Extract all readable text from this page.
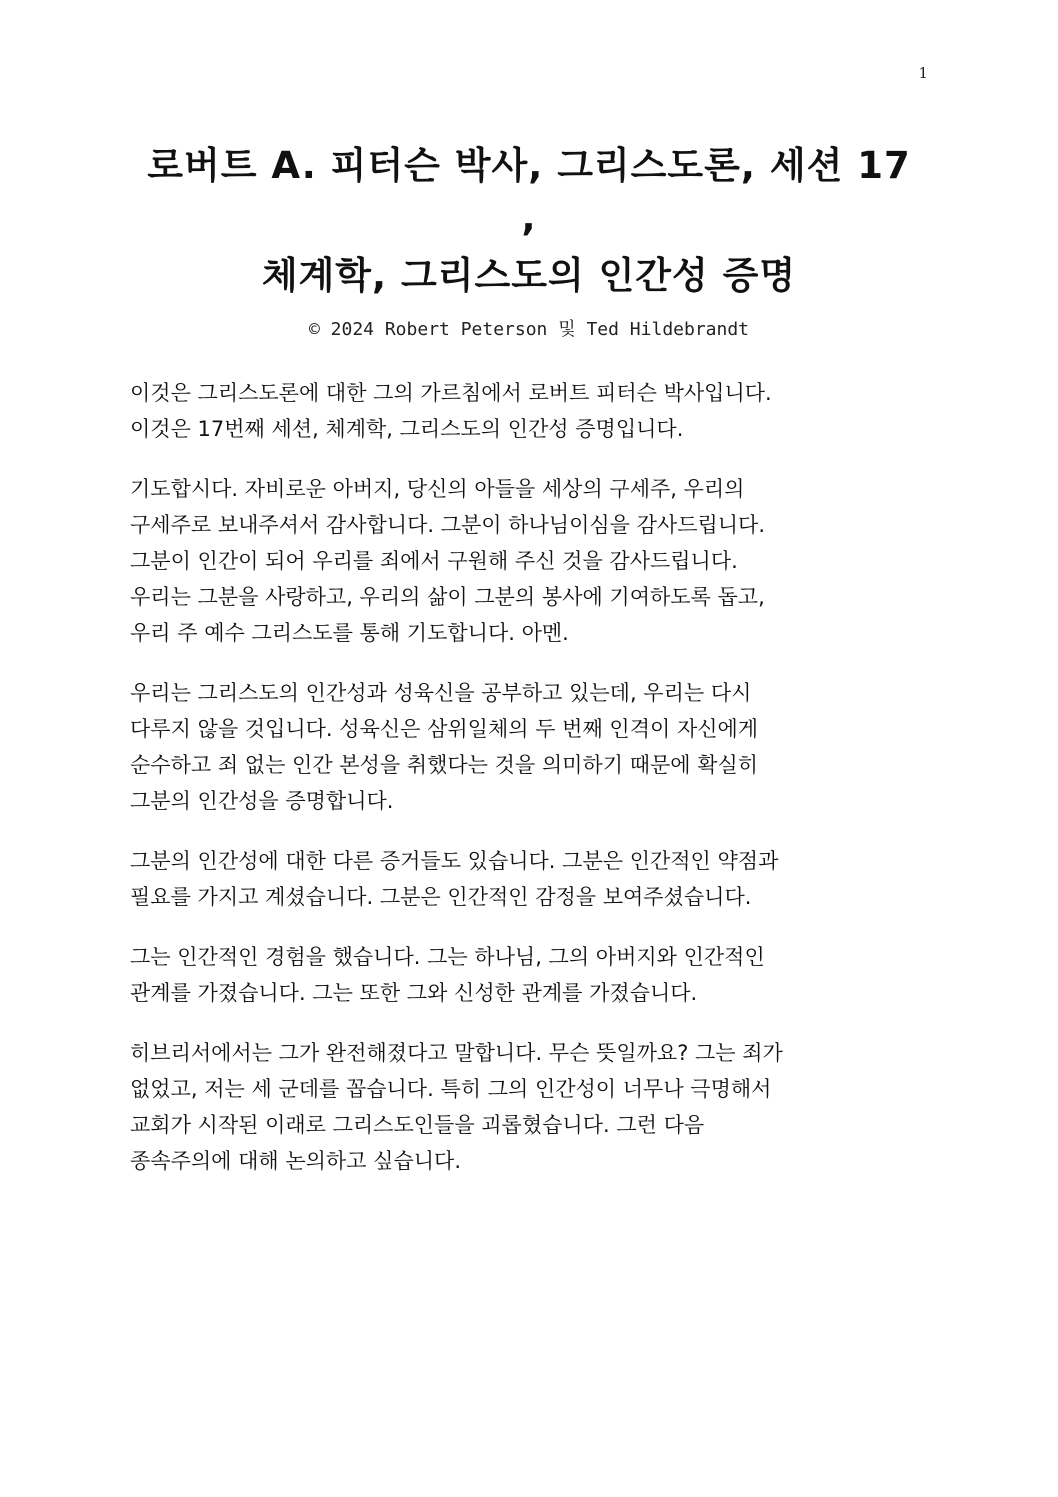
1
로버트 A. 피터슨 박사, 그리스도론, 세션 17
,
체계학, 그리스도의 인간성 증명
© 2024 Robert Peterson 및 Ted Hildebrandt

이것은 그리스도론에 대한 그의 가르침에서 로버트 피터슨 박사입니다.
이것은 17번째 세션, 체계학, 그리스도의 인간성 증명입니다.

기도합시다. 자비로운 아버지, 당신의 아들을 세상의 구세주, 우리의
구세주로 보내주셔서 감사합니다. 그분이 하나님이심을 감사드립니다.
그분이 인간이 되어 우리를 죄에서 구원해 주신 것을 감사드립니다.
우리는 그분을 사랑하고, 우리의 삶이 그분의 봉사에 기여하도록 돕고,
우리 주 예수 그리스도를 통해 기도합니다. 아멘.

우리는 그리스도의 인간성과 성육신을 공부하고 있는데, 우리는 다시
다루지 않을 것입니다. 성육신은 삼위일체의 두 번째 인격이 자신에게
순수하고 죄 없는 인간 본성을 취했다는 것을 의미하기 때문에 확실히
그분의 인간성을 증명합니다.

그분의 인간성에 대한 다른 증거들도 있습니다. 그분은 인간적인 약점과
필요를 가지고 계셨습니다. 그분은 인간적인 감정을 보여주셨습니다.

그는 인간적인 경험을 했습니다. 그는 하나님, 그의 아버지와 인간적인
관계를 가졌습니다. 그는 또한 그와 신성한 관계를 가졌습니다.

히브리서에서는 그가 완전해졌다고 말합니다. 무슨 뜻일까요? 그는 죄가
없었고, 저는 세 군데를 꼽습니다. 특히 그의 인간성이 너무나 극명해서
교회가 시작된 이래로 그리스도인들을 괴롭혔습니다. 그런 다음
종속주의에 대해 논의하고 싶습니다.
